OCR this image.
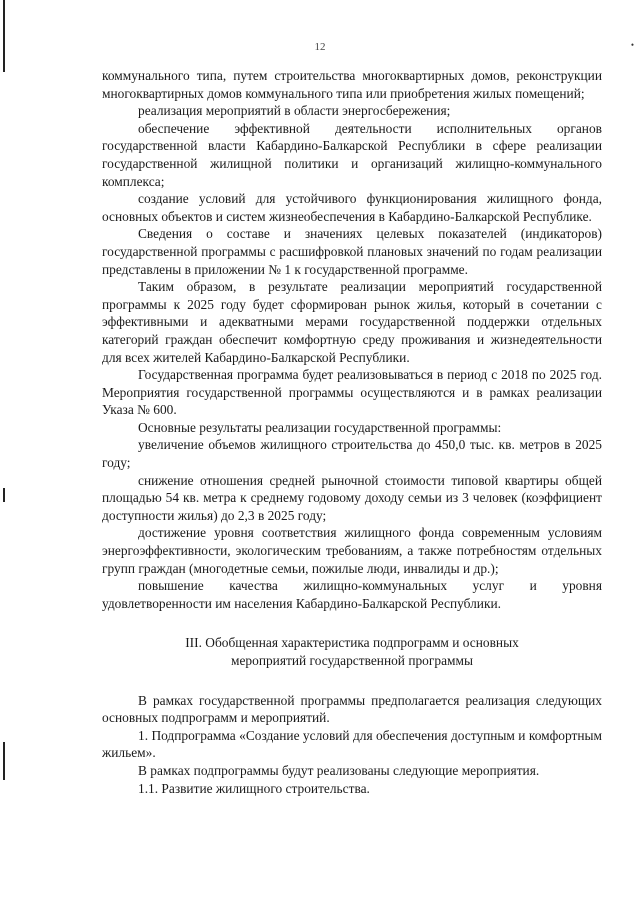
•
12

коммунального типа, путем строительства многоквартирных домов, реконструкции многоквартирных домов коммунального типа или приобретения жилых помещений;

реализация мероприятий в области энергосбережения;

обеспечение эффективной деятельности исполнительных органов государственной власти Кабардино-Балкарской Республики в сфере реализации государственной жилищной политики и организаций жилищно-коммунального комплекса;

создание условий для устойчивого функционирования жилищного фонда, основных объектов и систем жизнеобеспечения в Кабардино-Балкарской Республике.

Сведения о составе и значениях целевых показателей (индикаторов) государственной программы с расшифровкой плановых значений по годам реализации представлены в приложении № 1 к государственной программе.

Таким образом, в результате реализации мероприятий государственной программы к 2025 году будет сформирован рынок жилья, который в сочетании с эффективными и адекватными мерами государственной поддержки отдельных категорий граждан обеспечит комфортную среду проживания и жизнедеятельности для всех жителей Кабардино-Балкарской Республики.

Государственная программа будет реализовываться в период с 2018 по 2025 год. Мероприятия государственной программы осуществляются и в рамках реализации Указа № 600.

Основные результаты реализации государственной программы:

увеличение объемов жилищного строительства до 450,0 тыс. кв. метров в 2025 году;

снижение отношения средней рыночной стоимости типовой квартиры общей площадью 54 кв. метра к среднему годовому доходу семьи из 3 человек (коэффициент доступности жилья) до 2,3 в 2025 году;

достижение уровня соответствия жилищного фонда современным условиям энергоэффективности, экологическим требованиям, а также потребностям отдельных групп граждан (многодетные семьи, пожилые люди, инвалиды и др.);

повышение качества жилищно-коммунальных услуг и уровня удовлетворенности им населения Кабардино-Балкарской Республики.

III. Обобщенная характеристика подпрограмм и основных
мероприятий государственной программы

В рамках государственной программы предполагается реализация следующих основных подпрограмм и мероприятий.

1. Подпрограмма «Создание условий для обеспечения доступным и комфортным жильем».

В рамках подпрограммы будут реализованы следующие мероприятия.

1.1. Развитие жилищного строительства.
